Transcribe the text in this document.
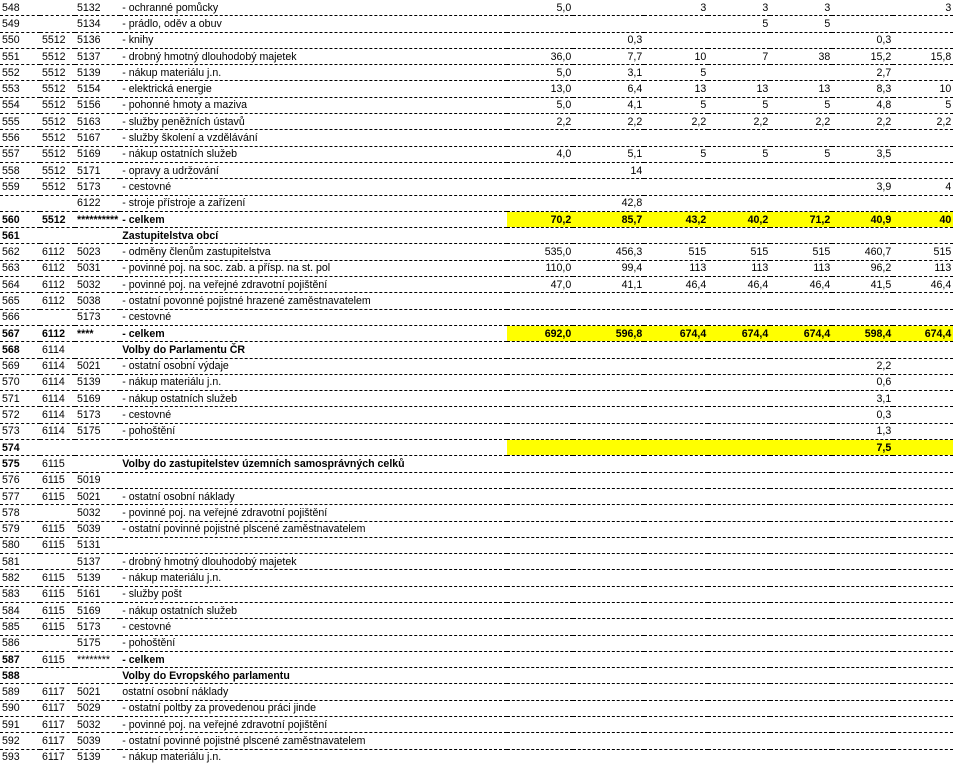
548		5132	- ochranné pomůcky	5,0		3	3	3		3
549		5134	- prádlo, oděv a obuv				5	5		
550	5512	5136	- knihy		0,3				0,3	
551	5512	5137	- drobný hmotný dlouhodobý majetek	36,0	7,7	10	7	38	15,2	15,8
552	5512	5139	- nákup materiálu j.n.	5,0	3,1	5			2,7	
553	5512	5154	- elektrická energie	13,0	6,4	13	13	13	8,3	10
554	5512	5156	- pohonné hmoty a maziva	5,0	4,1	5	5	5	4,8	5
555	5512	5163	- služby peněžních ústavů	2,2	2,2	2,2	2,2	2,2	2,2	2,2
556	5512	5167	- služby školení a vzdělávání							
557	5512	5169	- nákup ostatních služeb	4,0	5,1	5	5	5	3,5	
558	5512	5171	- opravy a udržování		14					
559	5512	5173	- cestovné						3,9	4
		6122	- stroje přístroje a zařízení		42,8					
560	5512	**********	- celkem	70,2	85,7	43,2	40,2	71,2	40,9	40
561			Zastupitelstva obcí							
562	6112	5023	- odměny členům zastupitelstva	535,0	456,3	515	515	515	460,7	515
563	6112	5031	- povinné poj. na soc. zab. a přísp. na st. pol	110,0	99,4	113	113	113	96,2	113
564	6112	5032	- povinné poj. na veřejné zdravotní pojištění	47,0	41,1	46,4	46,4	46,4	41,5	46,4
565	6112	5038	- ostatní povonné pojistné hrazené zaměstnavatelem							
566		5173	- cestovné							
567	6112	****	- celkem	692,0	596,8	674,4	674,4	674,4	598,4	674,4
568	6114		Volby do Parlamentu ČR							
569	6114	5021	- ostatní osobní výdaje						2,2	
570	6114	5139	- nákup materiálu j.n.						0,6	
571	6114	5169	- nákup ostatních služeb						3,1	
572	6114	5173	- cestovné						0,3	
573	6114	5175	- pohoštění						1,3	
574									7,5	
575	6115		Volby do zastupitelstev územních samosprávných celků							
576	6115	5019								
577	6115	5021	- ostatní osobní náklady							
578		5032	- povinné poj. na veřejné zdravotní pojištění							
579	6115	5039	- ostatní povinné pojistné plscené zaměstnavatelem							
580	6115	5131								
581		5137	- drobný hmotný dlouhodobý majetek							
582	6115	5139	- nákup materiálu j.n.							
583	6115	5161	- služby pošt							
584	6115	5169	- nákup ostatních služeb							
585	6115	5173	- cestovné							
586		5175	- pohoštění							
587	6115	********	- celkem							
588			Volby do Evropského parlamentu							
589	6117	5021	ostatní osobní náklady							
590	6117	5029	- ostatní poltby za provedenou práci jinde							
591	6117	5032	- povinné poj. na veřejné zdravotní pojištění							
592	6117	5039	- ostatní povinné pojistné plscené zaměstnavatelem							
593	6117	5139	- nákup materiálu j.n.							
